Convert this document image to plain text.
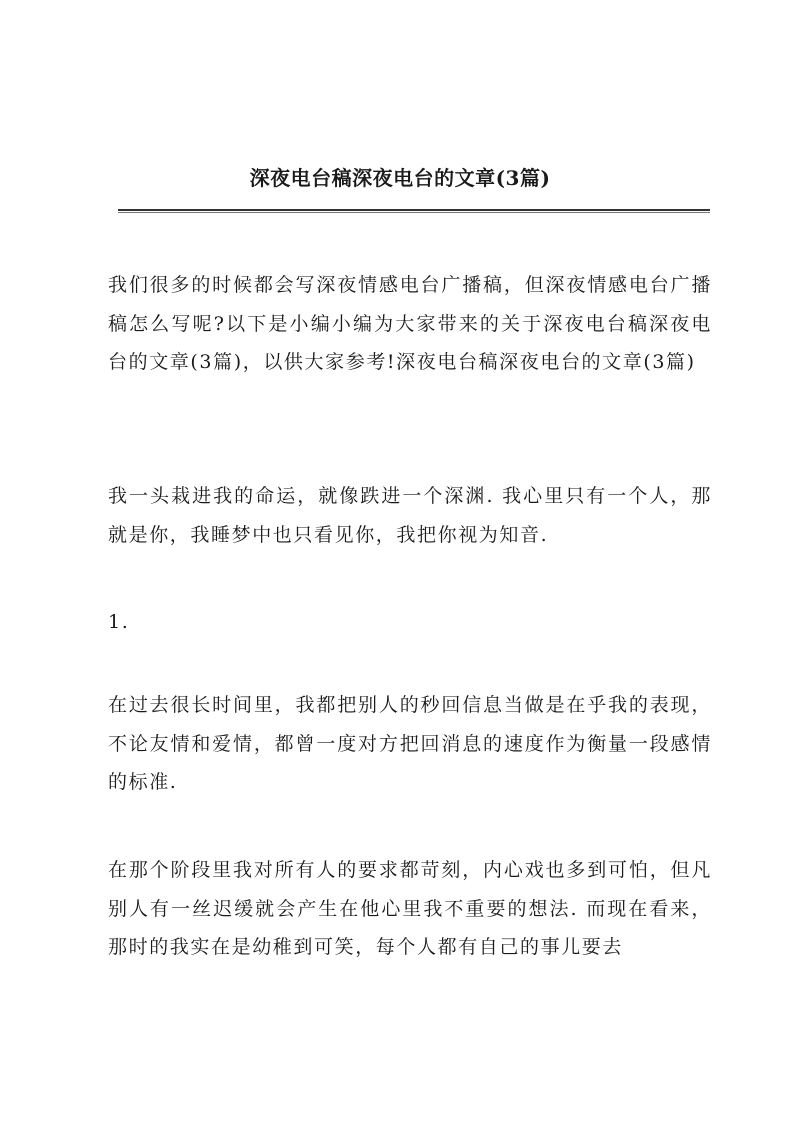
深夜电台稿深夜电台的文章(3篇)

我们很多的时候都会写深夜情感电台广播稿，但深夜情感电台广播稿怎么写呢?以下是小编小编为大家带来的关于深夜电台稿深夜电台的文章(3篇)，以供大家参考!深夜电台稿深夜电台的文章(3篇)

我一头栽进我的命运，就像跌进一个深渊. 我心里只有一个人，那就是你，我睡梦中也只看见你，我把你视为知音.

1.

在过去很长时间里，我都把别人的秒回信息当做是在乎我的表现，不论友情和爱情，都曾一度对方把回消息的速度作为衡量一段感情的标准.

在那个阶段里我对所有人的要求都苛刻，内心戏也多到可怕，但凡别人有一丝迟缓就会产生在他心里我不重要的想法. 而现在看来，那时的我实在是幼稚到可笑，每个人都有自己的事儿要去
